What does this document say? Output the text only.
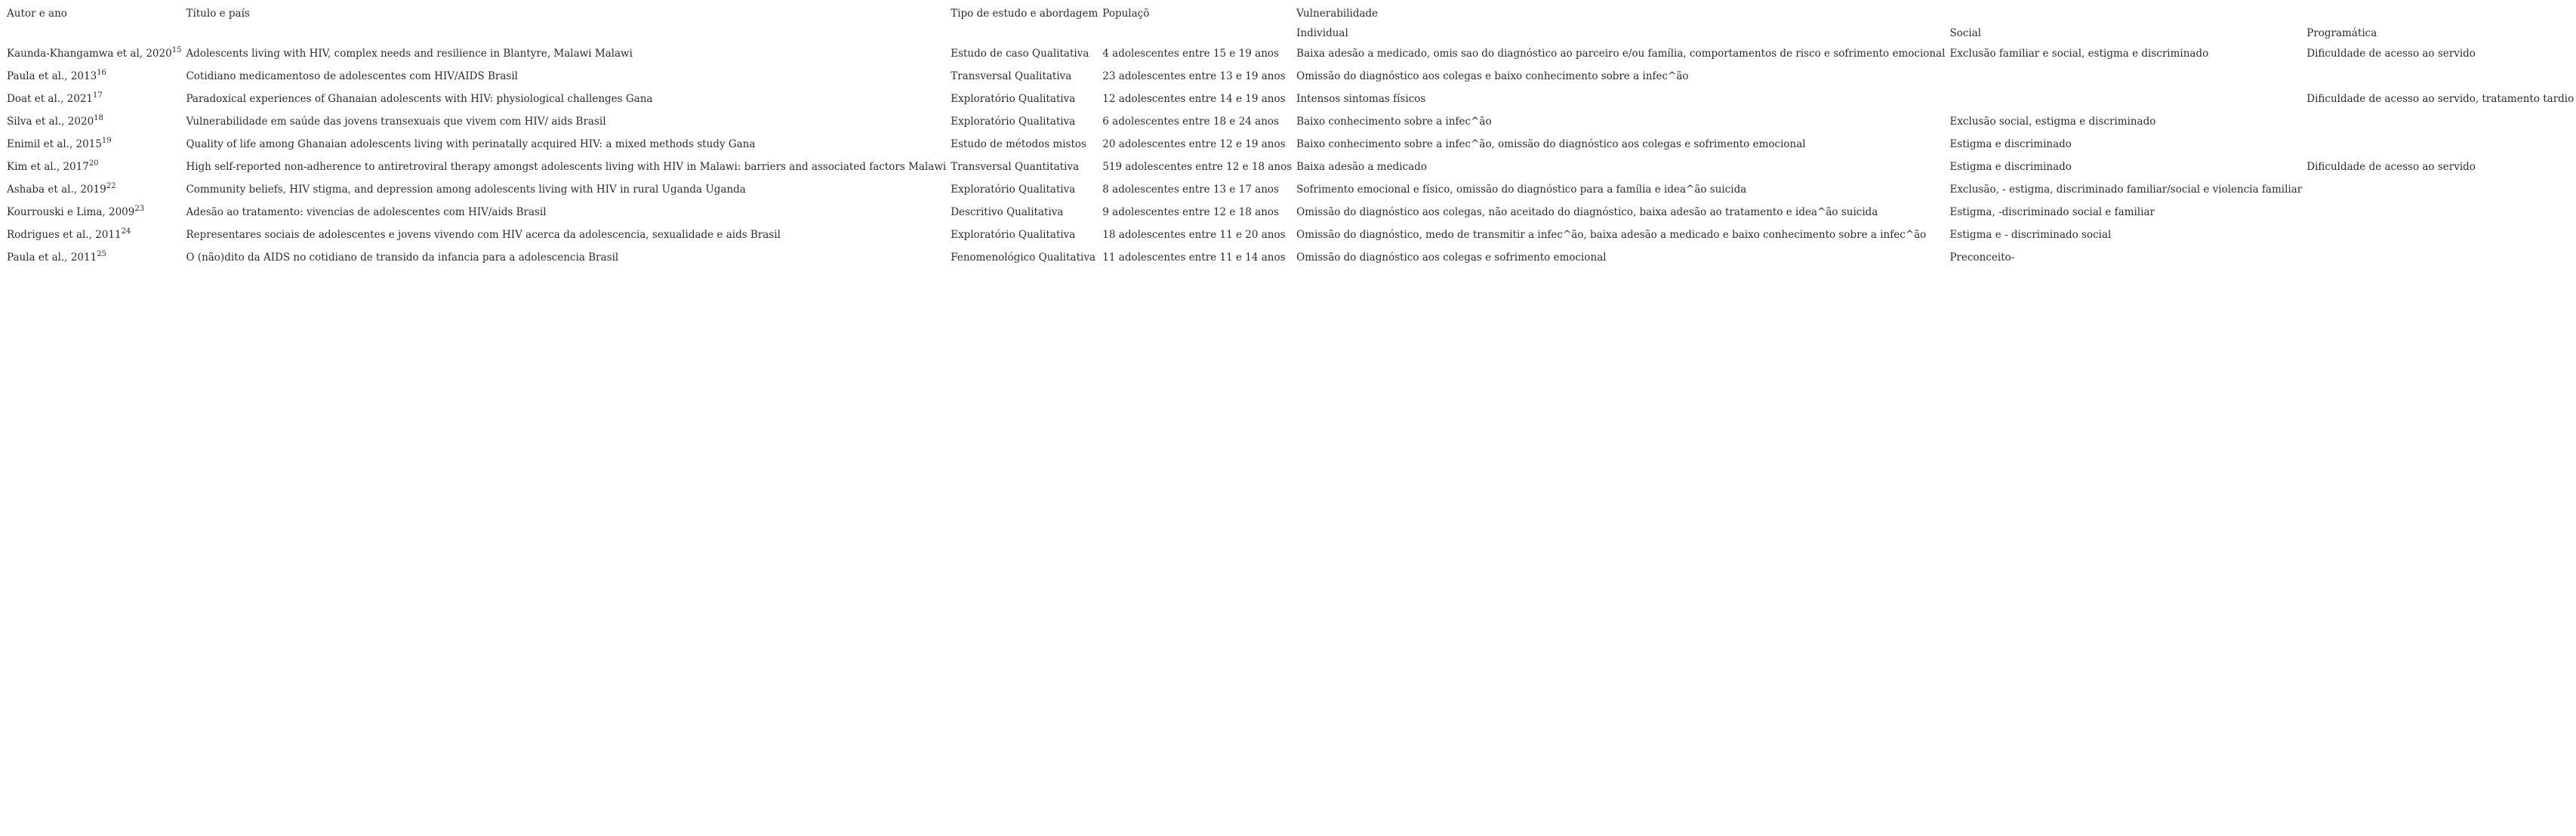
Autor e ano	Título e país	Tipo de estudo e abordagem	Populaçõ	Vulnerabilidade		
				Individual	Social	Programática
Kaunda-Khangamwa et al, 2020$^{15}$	Adolescents living with HIV, complex needs and resilience in Blantyre, Malawi Malawi	Estudo de caso Qualitativa	4 adolescentes entre 15 e 19 anos	Baixa adesão a medicado, omis sao do diagnóstico ao parceiro e/ou família, comportamentos de risco e sofrimento emocional	Exclusão familiar e social, estigma e discriminado	Dificuldade de acesso ao servido
Paula et al., 2013$^{16}$	Cotidiano medicamentoso de adolescentes com HIV/AIDS Brasil	Transversal Qualitativa	23 adolescentes entre 13 e 19 anos	Omissão do diagnóstico aos colegas e baixo conhecimento sobre a infec^ão		
Doat et al., 2021$^{17}$	Paradoxical experiences of Ghanaian adolescents with HIV: physiological challenges Gana	Exploratório Qualitativa	12 adolescentes entre 14 e 19 anos	Intensos sintomas físicos		Dificuldade de acesso ao servido, tratamento tardio
Silva et al., 2020$^{18}$	Vulnerabilidade em saúde das jovens transexuais que vivem com HIV/ aids Brasil	Exploratório Qualitativa	6 adolescentes entre 18 e 24 anos	Baixo conhecimento sobre a infec^ão	Exclusão social, estigma e discriminado	
Enimil et al., 2015$^{19}$	Quality of life among Ghanaian adolescents living with perinatally acquired HIV: a mixed methods study Gana	Estudo de métodos mistos	20 adolescentes entre 12 e 19 anos	Baixo conhecimento sobre a infec^ão, omissão do diagnóstico aos colegas e sofrimento emocional	Estigma e discriminado	
Kim et al., 2017$^{20}$	High self-reported non-adherence to antiretroviral therapy amongst adolescents living with HIV in Malawi: barriers and associated factors Malawi	Transversal Quantitativa	519 adolescentes entre 12 e 18 anos	Baixa adesão a medicado	Estigma e discriminado	Dificuldade de acesso ao servido
Ashaba et al., 2019$^{22}$	Community beliefs, HIV stigma, and depression among adolescents living with HIV in rural Uganda Uganda	Exploratório Qualitativa	8 adolescentes entre 13 e 17 anos	Sofrimento emocional e físico, omissão do diagnóstico para a família e idea^ão suicida	Exclusão, - estigma, discriminado familiar/social e violencia familiar	
Kourrouski e Lima, 2009$^{23}$	Adesão ao tratamento: vivencias de adolescentes com HIV/aids Brasil	Descritivo Qualitativa	9 adolescentes entre 12 e 18 anos	Omissão do diagnóstico aos colegas, não aceitado do diagnóstico, baixa adesão ao tratamento e idea^ão suicida	Estigma, -discriminado social e familiar	
Rodrigues et al., 2011$^{24}$	Representares sociais de adolescentes e jovens vivendo com HIV acerca da adolescencia, sexualidade e aids Brasil	Exploratório Qualitativa	18 adolescentes entre 11 e 20 anos	Omissão do diagnóstico, medo de transmitir a infec^ão, baixa adesão a medicado e baixo conhecimento sobre a infec^ão	Estigma e - discriminado social	
Paula et al., 2011$^{25}$	O (não)dito da AIDS no cotidiano de transido da infancia para a adolescencia Brasil	Fenomenológico Qualitativa	11 adolescentes entre 11 e 14 anos	Omissão do diagnóstico aos colegas e sofrimento emocional	Preconceito-	
